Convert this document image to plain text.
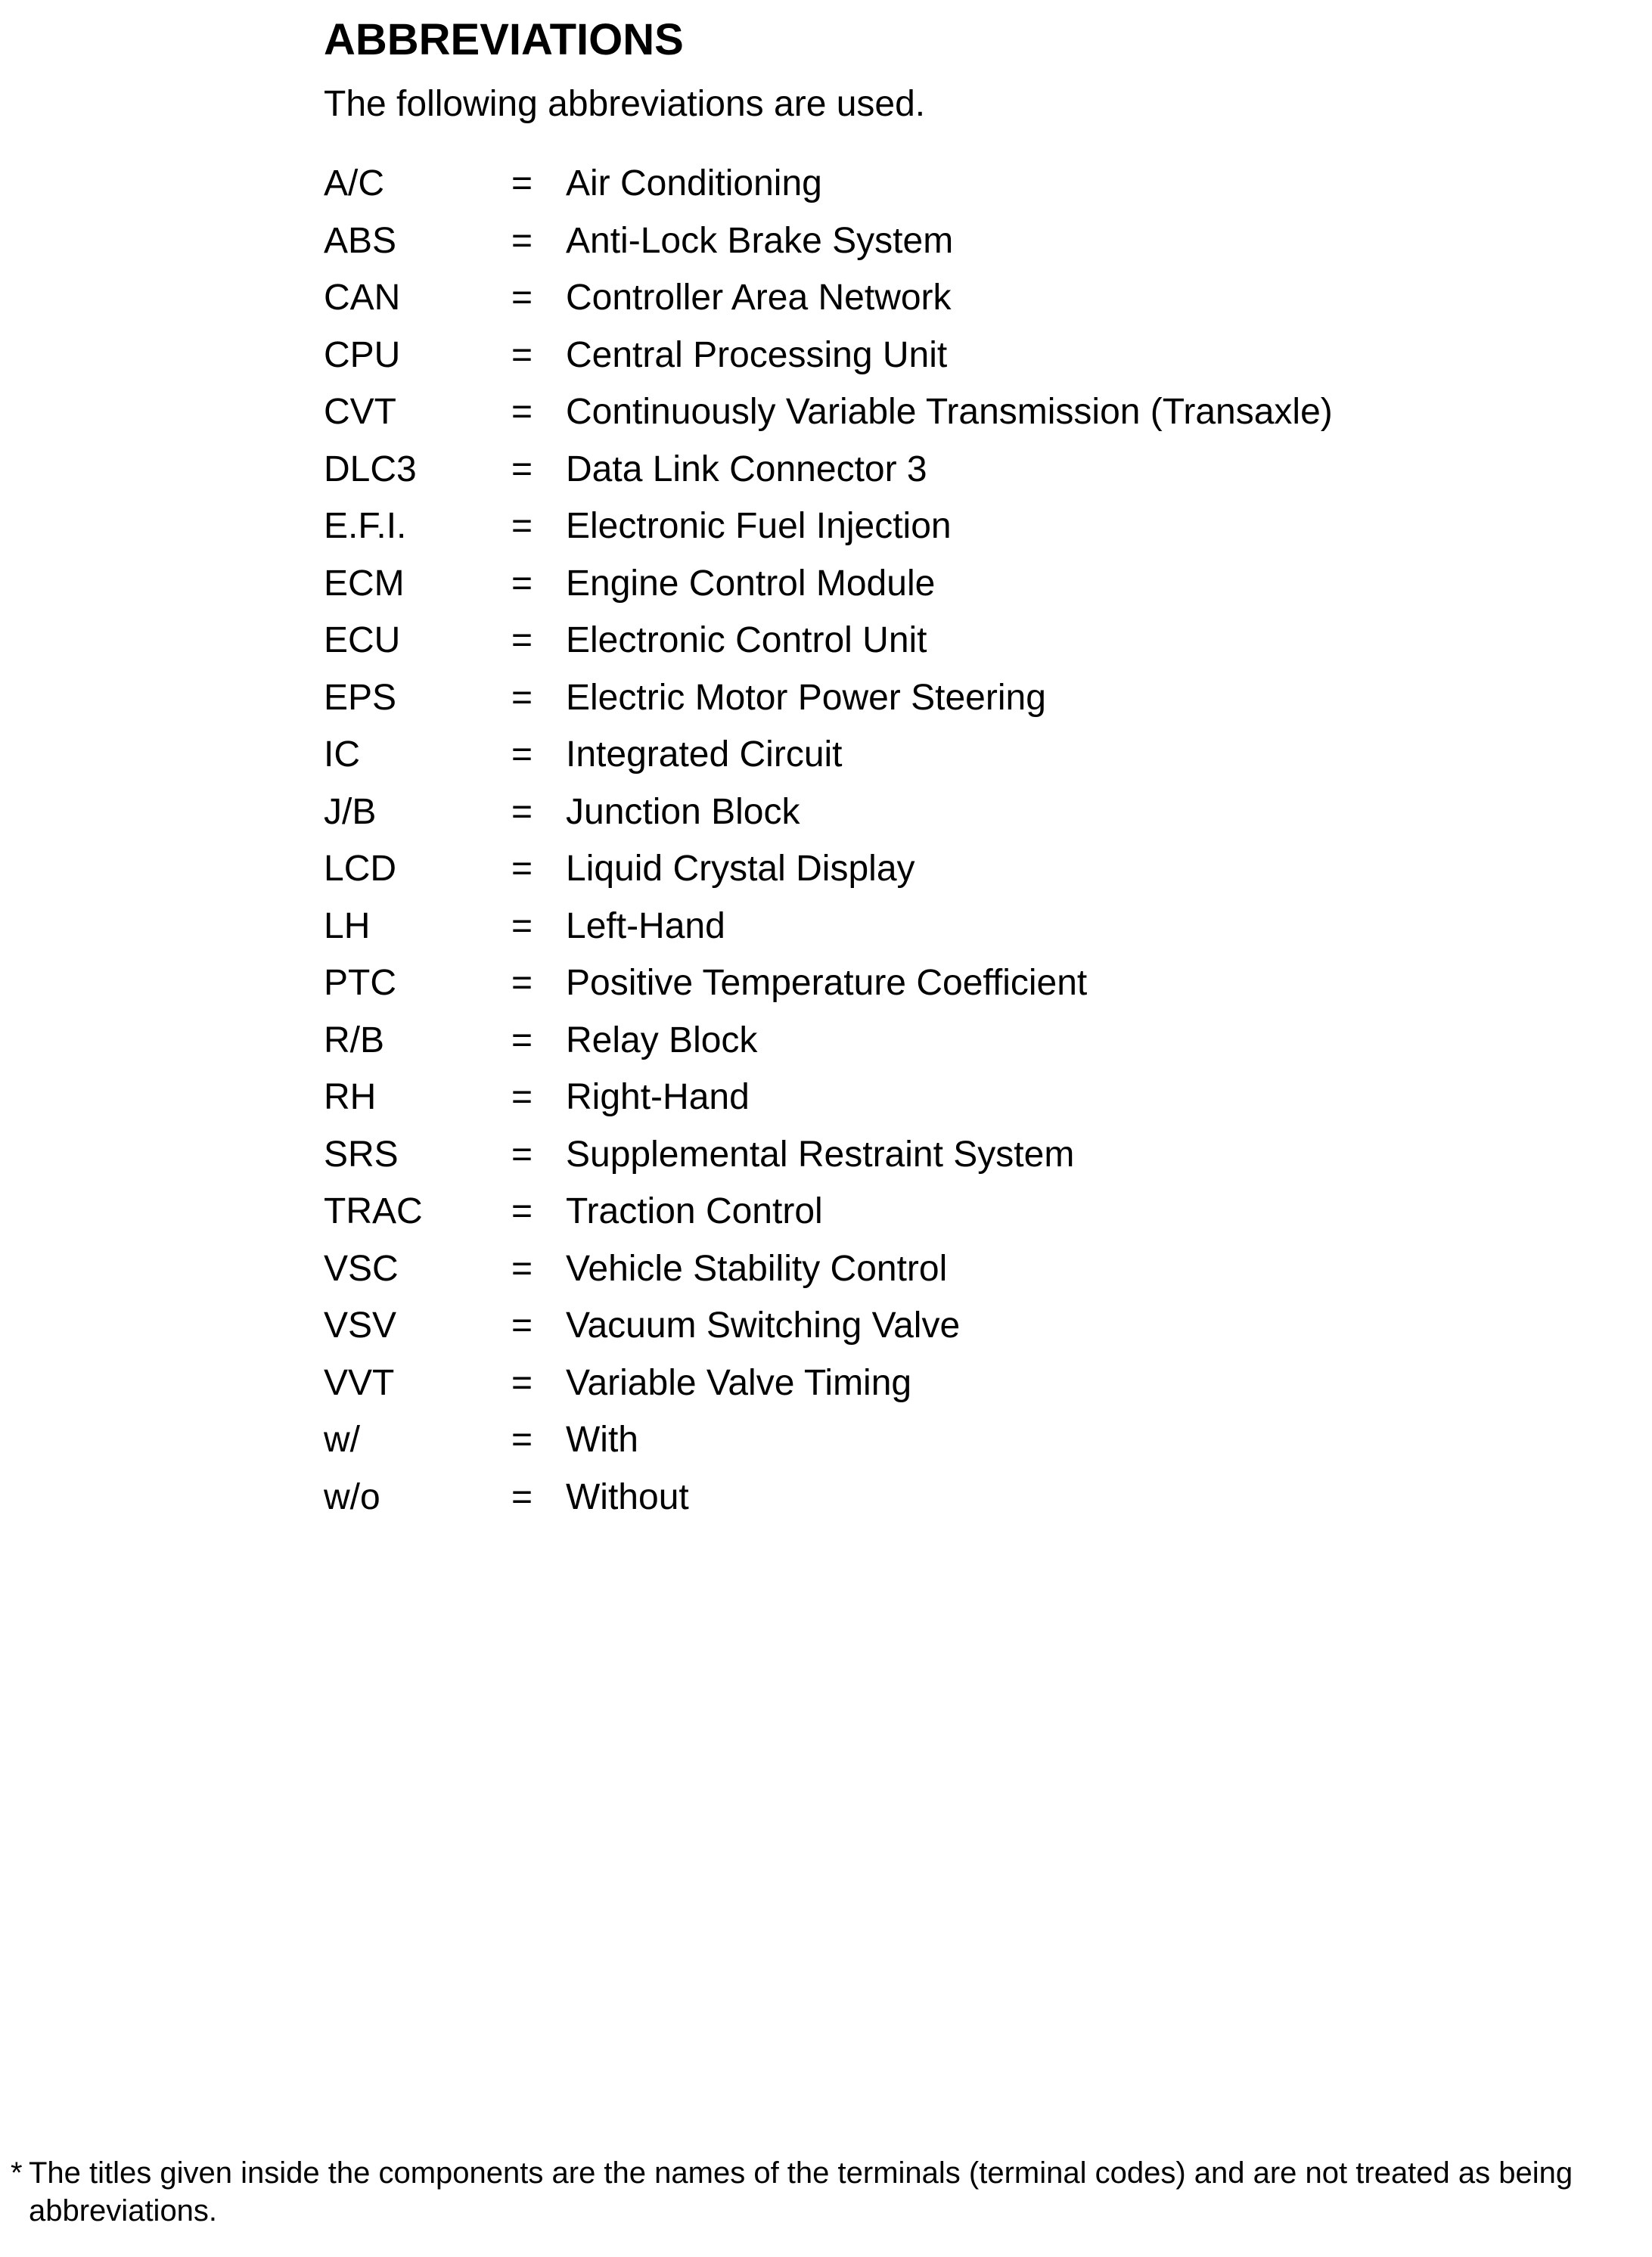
ABBREVIATIONS

The following abbreviations are used.

A/C	= Air Conditioning
ABS	= Anti-Lock Brake System
CAN	= Controller Area Network
CPU	= Central Processing Unit
CVT	= Continuously Variable Transmission (Transaxle)
DLC3	= Data Link Connector 3
E.F.I.	= Electronic Fuel Injection
ECM	= Engine Control Module
ECU	= Electronic Control Unit
EPS	= Electric Motor Power Steering
IC	= Integrated Circuit
J/B	= Junction Block
LCD	= Liquid Crystal Display
LH	= Left-Hand
PTC	= Positive Temperature Coefficient
R/B	= Relay Block
RH	= Right-Hand
SRS	= Supplemental Restraint System
TRAC = Traction Control
VSC	= Vehicle Stability Control
VSV	= Vacuum Switching Valve
VVT	= Variable Valve Timing
w/	= With
w/o	= Without
* The titles given inside the components are the names of the terminals (terminal codes) and are not treated as being abbreviations.
